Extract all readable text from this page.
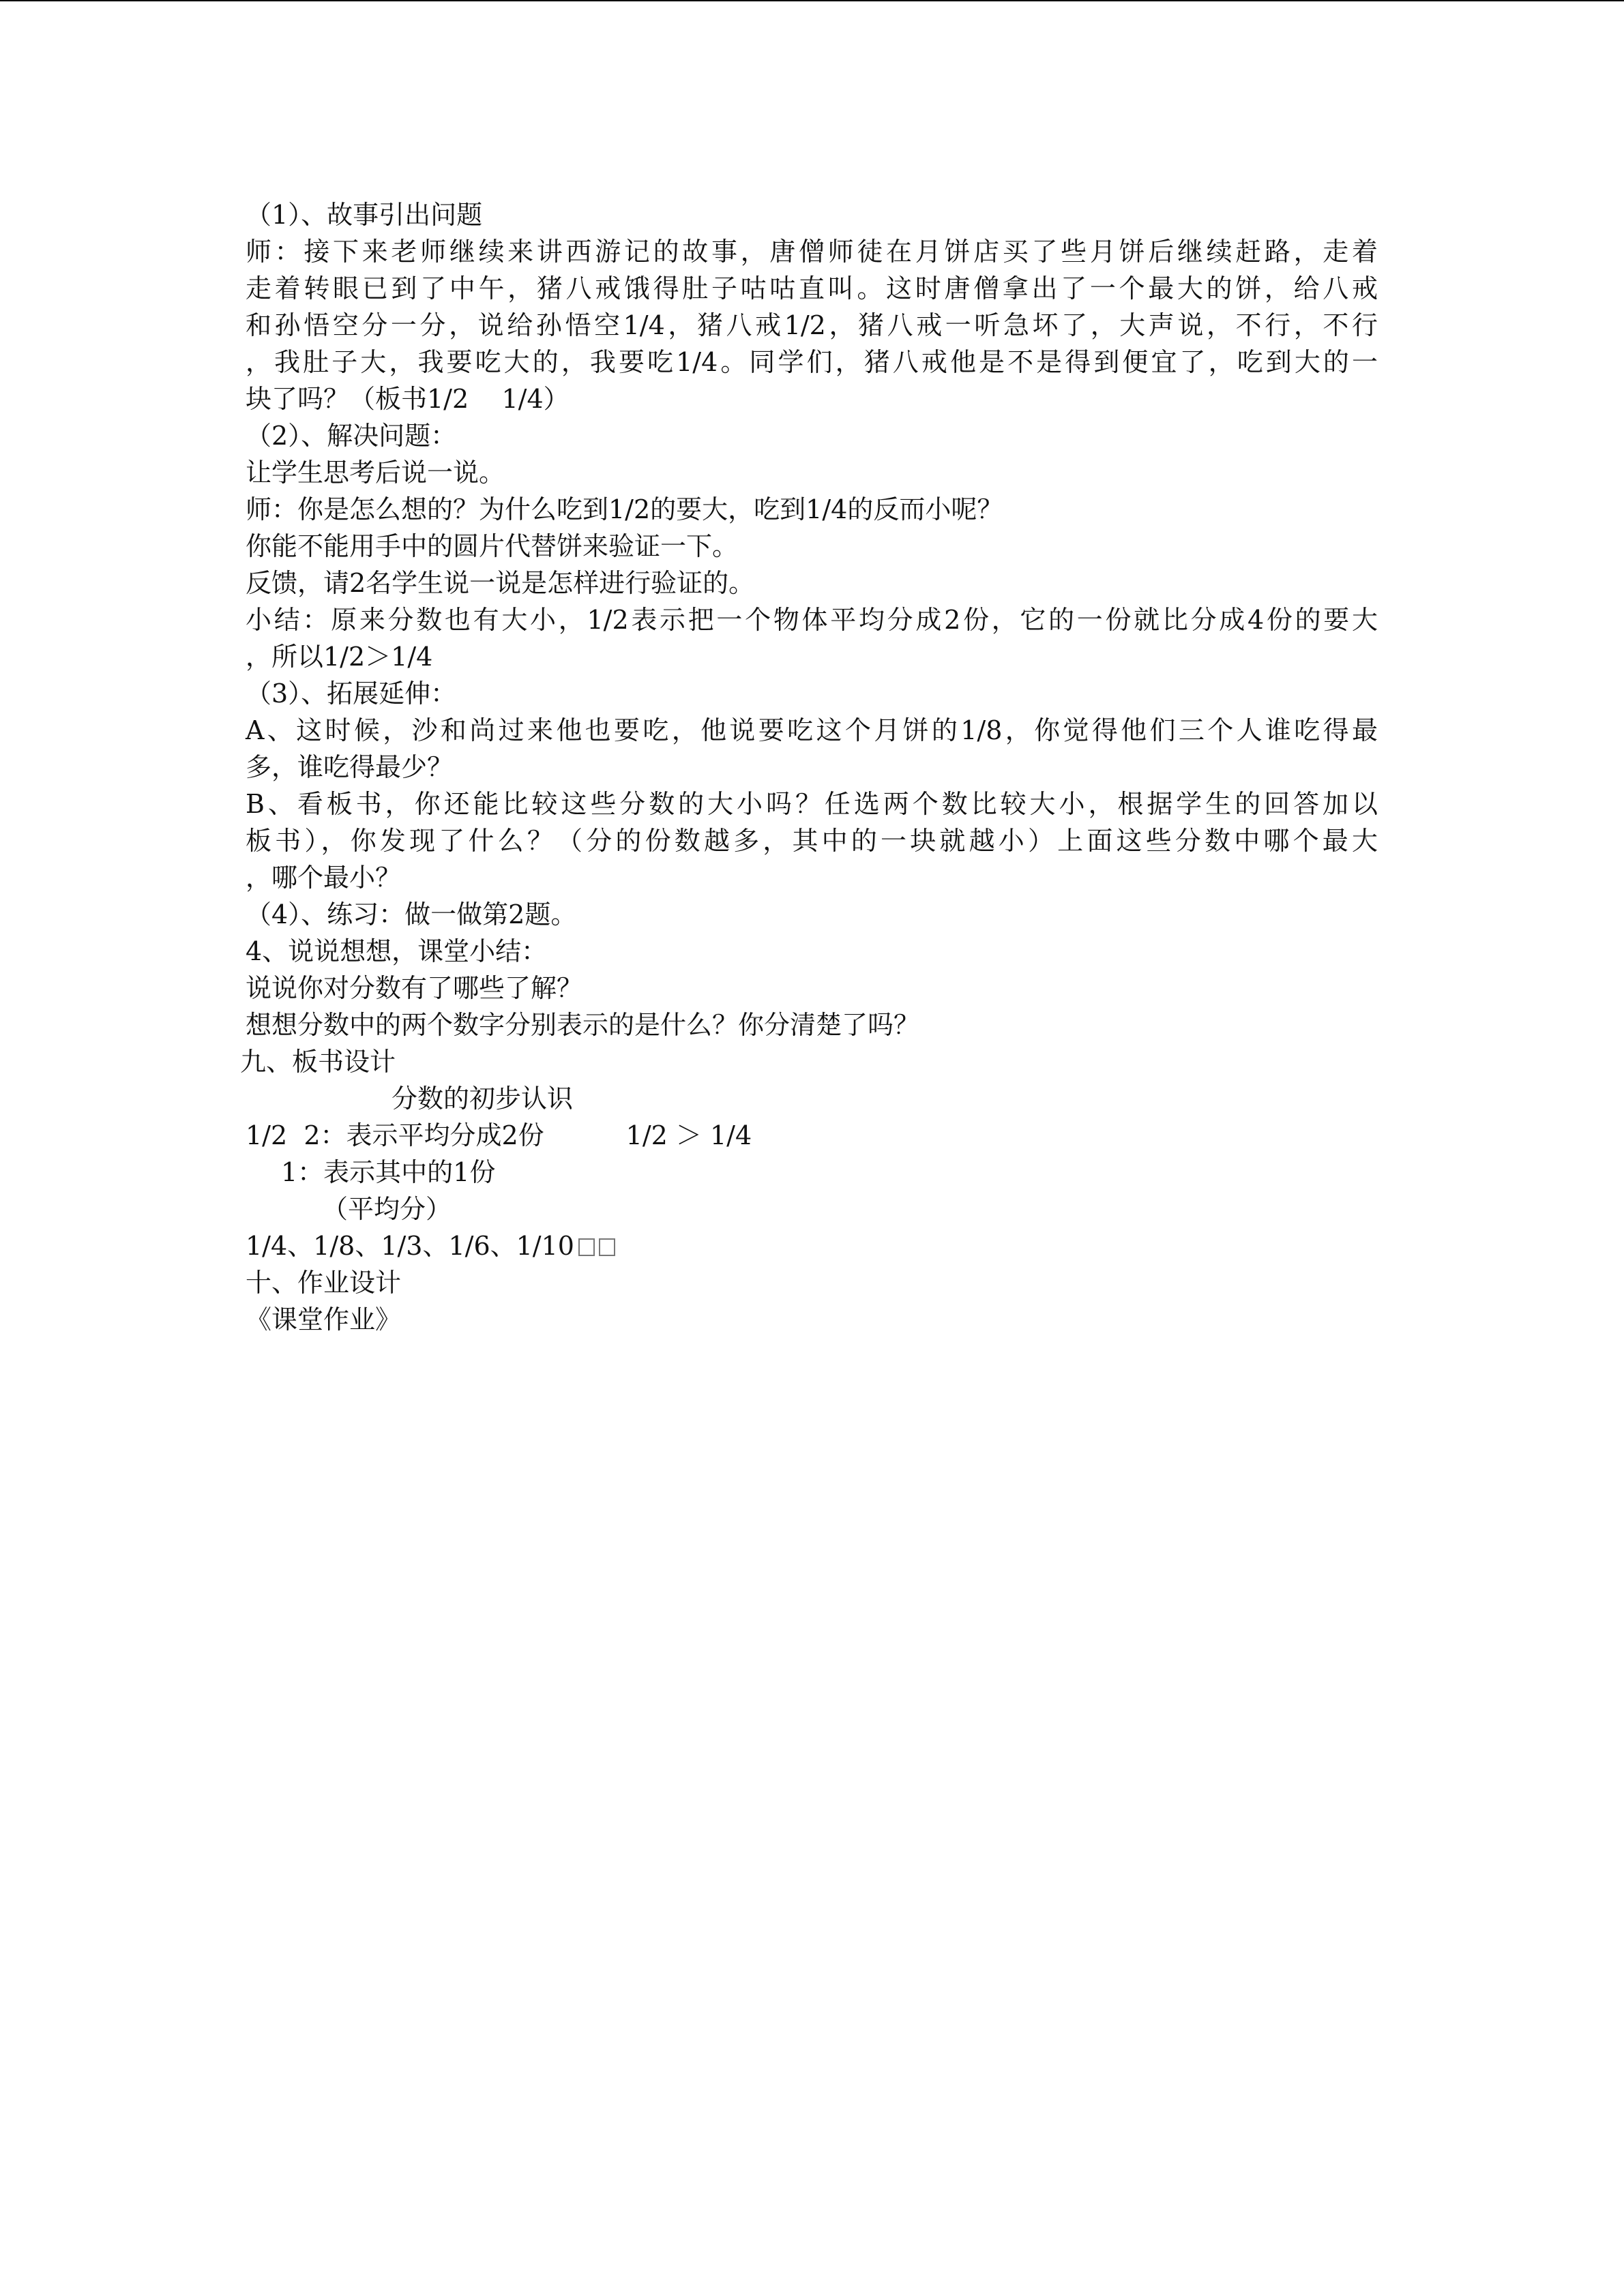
（1）、故事引出问题
师：接下来老师继续来讲西游记的故事，唐僧师徒在月饼店买了些月饼后继续赶路，走着
走着转眼已到了中午，猪八戒饿得肚子咕咕直叫。这时唐僧拿出了一个最大的饼，给八戒
和孙悟空分一分，说给孙悟空1/4，猪八戒1/2，猪八戒一听急坏了，大声说，不行，不行
，我肚子大，我要吃大的，我要吃1/4。同学们，猪八戒他是不是得到便宜了，吃到大的一
块了吗？（板书1/2    1/4）
（2）、解决问题：
让学生思考后说一说。
师：你是怎么想的？为什么吃到1/2的要大，吃到1/4的反而小呢？
你能不能用手中的圆片代替饼来验证一下。
反馈，请2名学生说一说是怎样进行验证的。
小结：原来分数也有大小，1/2表示把一个物体平均分成2份，它的一份就比分成4份的要大
，所以1/2＞1/4
（3）、拓展延伸：
A、这时候，沙和尚过来他也要吃，他说要吃这个月饼的1/8，你觉得他们三个人谁吃得最
多，谁吃得最少？
B、看板书，你还能比较这些分数的大小吗？任选两个数比较大小，根据学生的回答加以
板书），你发现了什么？（分的份数越多，其中的一块就越小）上面这些分数中哪个最大
，哪个最小？
（4）、练习：做一做第2题。
4、说说想想，课堂小结：
说说你对分数有了哪些了解？
想想分数中的两个数字分别表示的是什么？你分清楚了吗？
九、板书设计
分数的初步认识
1/2  2：表示平均分成2份	1/2 ＞ 1/4
1：表示其中的1份
（平均分）
1/4、1/8、1/3、1/6、1/10
十、作业设计
《课堂作业》
